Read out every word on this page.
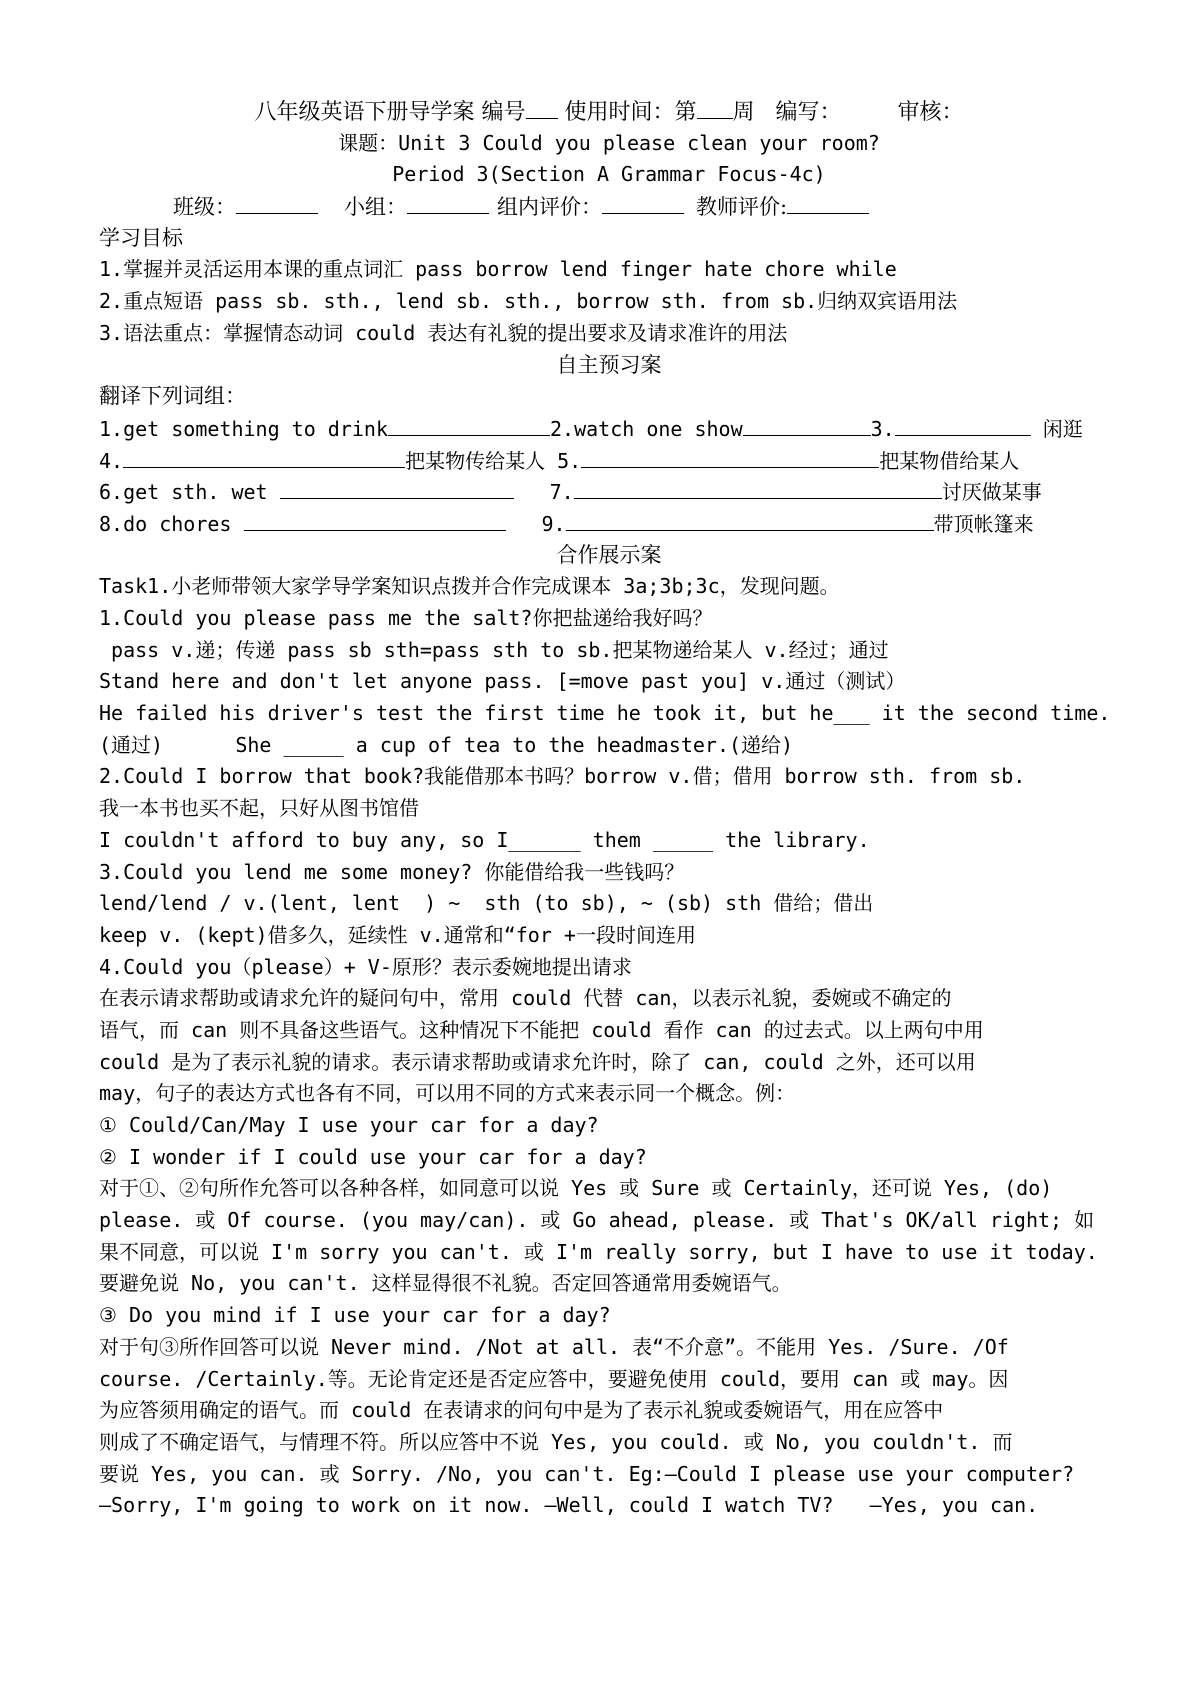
八年级英语下册导学案 编号 使用时间：第 周   编写：        审核：
课题：Unit 3 Could you please clean your room?
Period 3(Section A Grammar Focus-4c)
班级：	小组：	组内评价：	教师评价:
学习目标
1.掌握并灵活运用本课的重点词汇 pass borrow lend finger hate chore while
2.重点短语 pass sb. sth., lend sb. sth., borrow sth. from sb.归纳双宾语用法
3.语法重点：掌握情态动词 could 表达有礼貌的提出要求及请求准许的用法
自主预习案
翻译下列词组：
1.get something to drink	2.watch one show	3.	闲逛
4.	把某物传给某人 5.	把某物借给某人
6.get sth. wet	7.	讨厌做某事
8.do chores	9.	带顶帐篷来
合作展示案
Task1.小老师带领大家学导学案知识点拨并合作完成课本 3a;3b;3c，发现问题。
1.Could you please pass me the salt?你把盐递给我好吗？
pass v.递；传递 pass sb sth=pass sth to sb.把某物递给某人 v.经过；通过
Stand here and don't let anyone pass. [=move past you] v.通过（测试）
He failed his driver's test the first time he took it, but he___ it the second time.
(通过)      She _____ a cup of tea to the headmaster.(递给)
2.Could I borrow that book?我能借那本书吗？borrow v.借；借用 borrow sth. from sb.
我一本书也买不起，只好从图书馆借
I couldn't afford to buy any, so I______ them _____ the library.
3.Could you lend me some money? 你能借给我一些钱吗？
lend/lend / v.(lent, lent  ) ~  sth (to sb), ~ (sb) sth 借给；借出
keep v. (kept)借多久，延续性 v.通常和“for +一段时间连用
4.Could you（please）+ V-原形？表示委婉地提出请求
在表示请求帮助或请求允许的疑问句中，常用 could 代替 can，以表示礼貌，委婉或不确定的
语气，而 can 则不具备这些语气。这种情况下不能把 could 看作 can 的过去式。以上两句中用
could 是为了表示礼貌的请求。表示请求帮助或请求允许时，除了 can, could 之外，还可以用
may，句子的表达方式也各有不同，可以用不同的方式来表示同一个概念。例：
① Could/Can/May I use your car for a day?
② I wonder if I could use your car for a day?
对于①、②句所作允答可以各种各样，如同意可以说 Yes 或 Sure 或 Certainly，还可说 Yes, (do)
please. 或 Of course. (you may/can). 或 Go ahead, please. 或 That's OK/all right; 如
果不同意，可以说 I'm sorry you can't. 或 I'm really sorry, but I have to use it today.
要避免说 No, you can't. 这样显得很不礼貌。否定回答通常用委婉语气。
③ Do you mind if I use your car for a day?
对于句③所作回答可以说 Never mind. /Not at all. 表“不介意”。不能用 Yes. /Sure. /Of
course. /Certainly.等。无论肯定还是否定应答中，要避免使用 could，要用 can 或 may。因
为应答须用确定的语气。而 could 在表请求的问句中是为了表示礼貌或委婉语气，用在应答中
则成了不确定语气，与情理不符。所以应答中不说 Yes, you could. 或 No, you couldn't. 而
要说 Yes, you can. 或 Sorry. /No, you can't. Eg:—Could I please use your computer?
—Sorry, I'm going to work on it now. —Well, could I watch TV?   —Yes, you can.
